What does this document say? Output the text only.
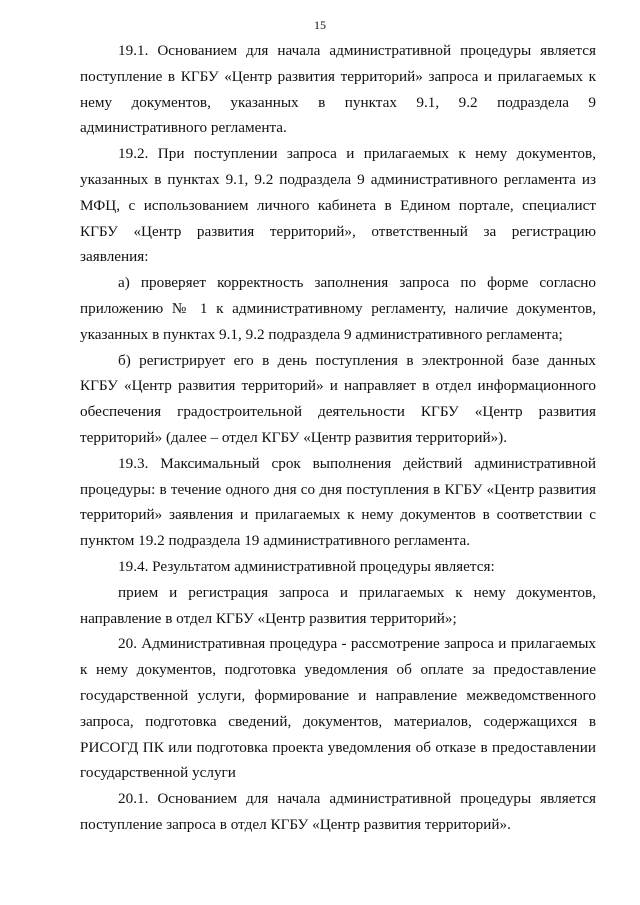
15

19.1. Основанием для начала административной процедуры является поступление в КГБУ «Центр развития территорий» запроса и прилагаемых к нему документов, указанных в пунктах 9.1, 9.2 подраздела 9 административного регламента.

19.2. При поступлении запроса и прилагаемых к нему документов, указанных в пунктах 9.1, 9.2 подраздела 9 административного регламента из МФЦ, с использованием личного кабинета в Едином портале, специалист КГБУ «Центр развития территорий», ответственный за регистрацию заявления:

а) проверяет корректность заполнения запроса по форме согласно приложению № 1 к административному регламенту, наличие документов, указанных в пунктах 9.1, 9.2 подраздела 9 административного регламента;

б) регистрирует его в день поступления в электронной базе данных КГБУ «Центр развития территорий» и направляет в отдел информационного обеспечения градостроительной деятельности КГБУ «Центр развития территорий» (далее – отдел КГБУ «Центр развития территорий»).

19.3. Максимальный срок выполнения действий административной процедуры: в течение одного дня со дня поступления в КГБУ «Центр развития территорий» заявления и прилагаемых к нему документов в соответствии с пунктом 19.2 подраздела 19 административного регламента.

19.4. Результатом административной процедуры является:

прием и регистрация запроса и прилагаемых к нему документов, направление в отдел КГБУ «Центр развития территорий»;

20. Административная процедура - рассмотрение запроса и прилагаемых к нему документов, подготовка уведомления об оплате за предоставление государственной услуги, формирование и направление межведомственного запроса, подготовка сведений, документов, материалов, содержащихся в РИСОГД ПК или подготовка проекта уведомления об отказе в предоставлении государственной услуги

20.1. Основанием для начала административной процедуры является поступление запроса в отдел КГБУ «Центр развития территорий».
